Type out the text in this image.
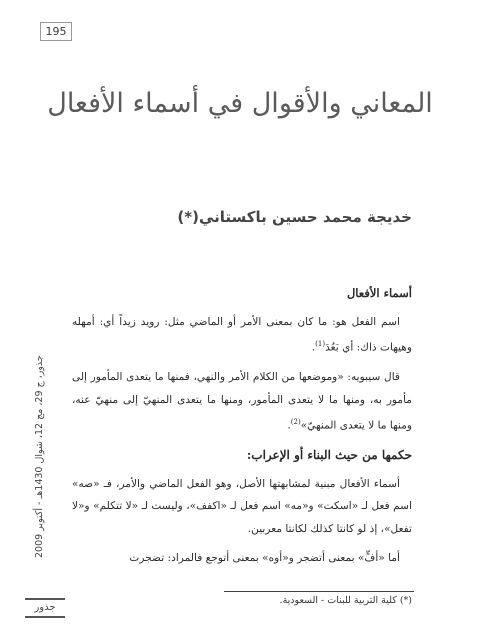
195
المعاني والأقوال في أسماء الأفعال
خديجة محمد حسين باكستاني(*)
أسماء الأفعال

اسم الفعل هو: ما كان بمعنى الأمر أو الماضي مثل: رويد زيداً أي: أمهله وهيهات ذاك: أي بَعُدَ$^{(1)}$.

قال سيبويه: «وموضعها من الكلام الأمر والنهي، فمنها ما يتعدى المأمور إلى مأمور به، ومنها ما لا يتعدى المأمور، ومنها ما يتعدى المنهيّ إلى منهيّ عنه، ومنها ما لا يتعدى المنهيّ»$^{(2)}$.

حكمها من حيث البناء أو الإعراب:

أسماء الأفعال مبنية لمشابهتها الأصل، وهو الفعل الماضي والأمر، فـ «صه» اسم فعل لـ «اسكت» و«مه» اسم فعل لـ «اكفف»، وليست لـ «لا تتكلم» و«لا تفعل»، إذ لو كانتا كذلك لكانتا معربين.

أما «أفٍّ» بمعنى أتضجر و«أوه» بمعنى أتوجع فالمراد: تضجرت

(*) كلية التربية للبنات - السعودية.
جذور، ج 29، مج 12، شوال 1430هـ - أكتوبر 2009
جذور
